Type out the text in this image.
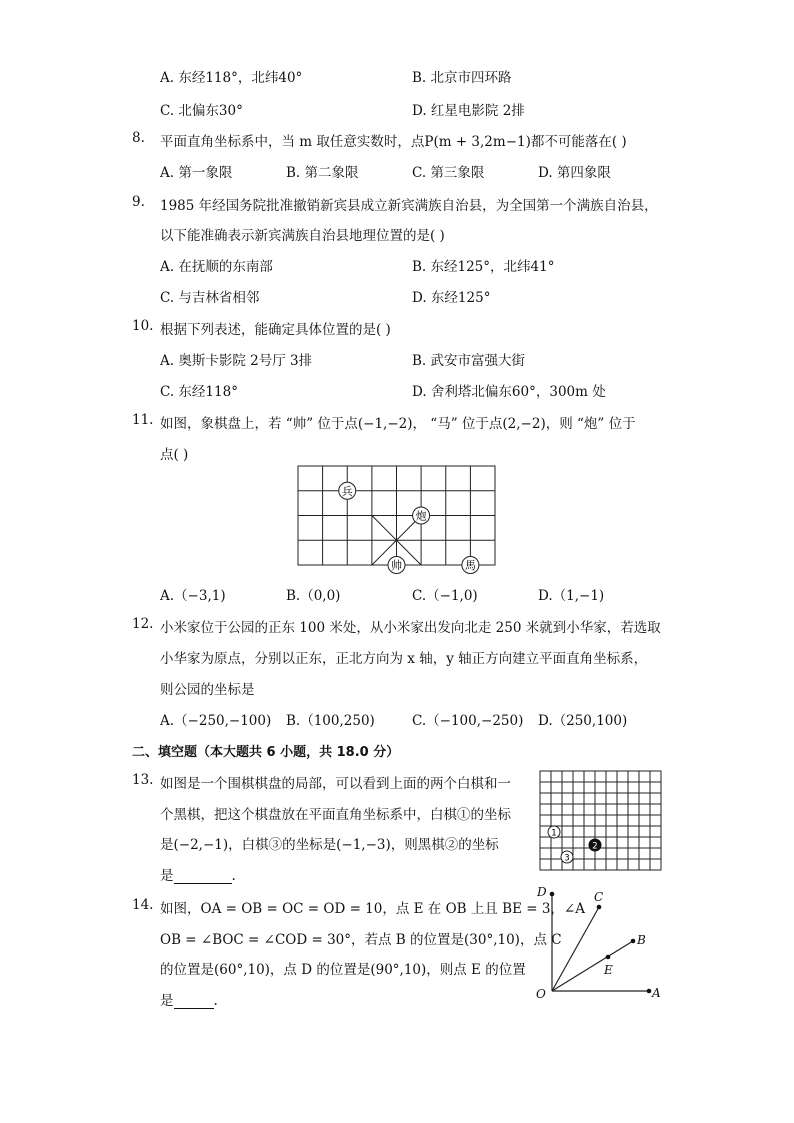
A. 东经118°，北纬40°	B. 北京市四环路
C. 北偏东30°	D. 红星电影院 2排
8. 平面直角坐标系中，当 m 取任意实数时，点P(m + 3,2m−1)都不可能落在( )
A. 第一象限	B. 第二象限	C. 第三象限	D. 第四象限
9. 1985 年经国务院批准撤销新宾县成立新宾满族自治县，为全国第一个满族自治县，
以下能准确表示新宾满族自治县地理位置的是( )
A. 在抚顺的东南部	B. 东经125°，北纬41°
C. 与吉林省相邻	D. 东经125°
10. 根据下列表述，能确定具体位置的是( )
A. 奥斯卡影院 2号厅 3排	B. 武安市富强大街
C. 东经118°	D. 舍利塔北偏东60°，300m 处
11. 如图，象棋盘上，若 “帅” 位于点(−1,−2)， “马” 位于点(2,−2)，则 “炮” 位于
点( )
兵
炮
帅	馬
A.（−3,1)	B.（0,0)	C.（−1,0)	D.（1,−1)
12. 小米家位于公园的正东 100 米处，从小米家出发向北走 250 米就到小华家，若选取
小华家为原点，分别以正东，正北方向为 x 轴，y 轴正方向建立平面直角坐标系，
则公园的坐标是
A.（−250,−100) B.（100,250)	C.（−100,−250) D.（250,100)
二、填空题（本大题共 6 小题，共 18.0 分）
13. 如图是一个围棋棋盘的局部，可以看到上面的两个白棋和一
个黑棋，把这个棋盘放在平面直角坐标系中，白棋①的坐标
是(−2,−1)，白棋③的坐标是(−1,−3)，则黑棋②的坐标
是	.
1
2
3
14. 如图，OA = OB = OC = OD = 10，点 E 在 OB 上且 BE = 3，∠A
OB = ∠BOC = ∠COD = 30°，若点 B 的位置是(30°,10)，点 C
的位置是(60°,10)，点 D 的位置是(90°,10)，则点 E 的位置
是	.	O	A
B
C
D
E
